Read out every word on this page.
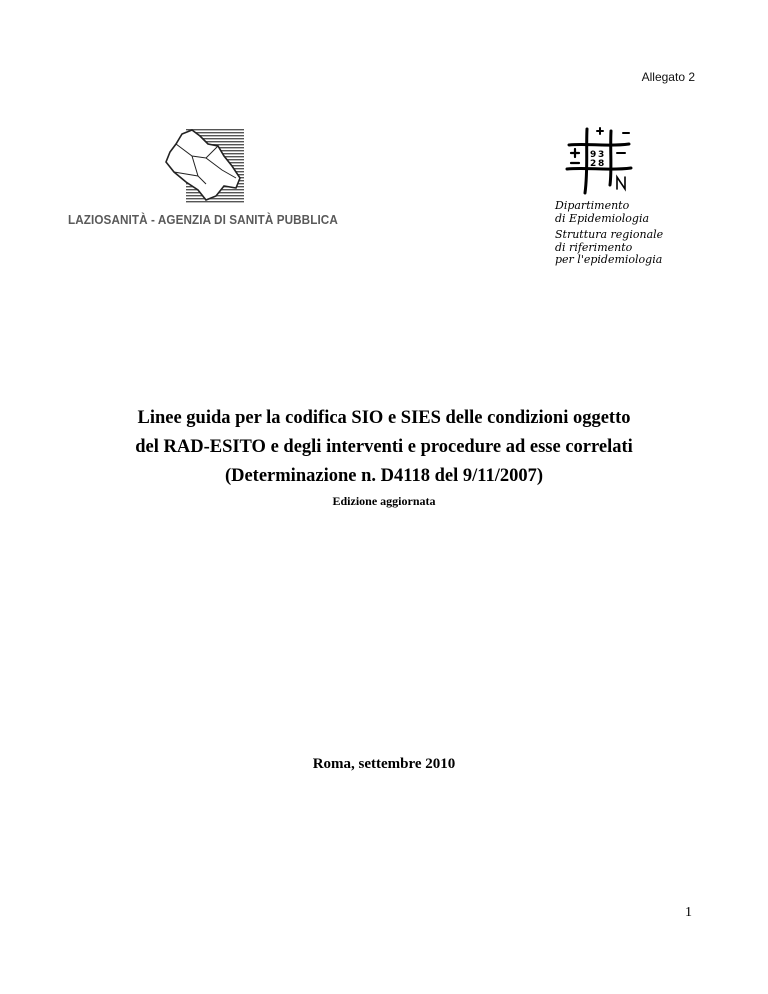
Allegato 2
LAZIOSANITÀ - AGENZIA DI SANITÀ PUBBLICA
9 3
2 8
Dipartimento
di Epidemiologia
Struttura regionale
di riferimento
per l'epidemiologia
Linee guida per la codifica SIO e SIES delle condizioni oggetto
del RAD-ESITO e degli interventi e procedure ad esse correlati
(Determinazione n. D4118 del 9/11/2007)
Edizione aggiornata
Roma, settembre 2010
1
